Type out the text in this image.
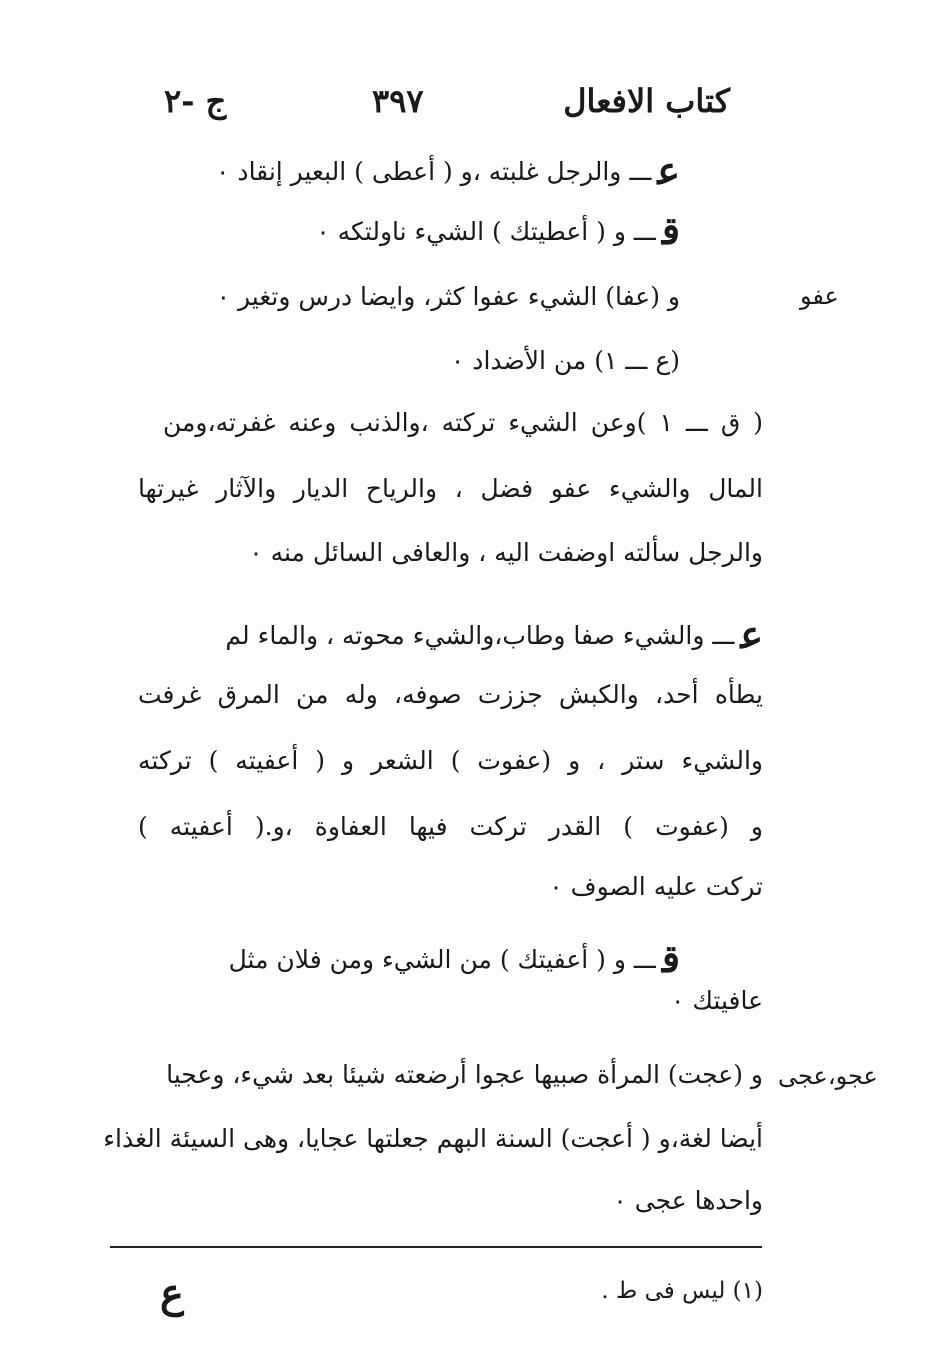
كتاب الافعال
٣٩٧
ج -٢
عـــ والرجل غلبته ،و ( أعطى ) البعير إنقاد ٠
قـــ و ( أعطيتك ) الشيء ناولتكه ٠
عفو
و (عفا) الشيء عفوا كثر، وايضا درس وتغير ٠
(ع ـــ ١) من الأضداد ٠
( ق ـــ ١ )وعن الشيء تركته ،والذنب وعنه غفرته،ومن
المال والشيء عفو فضل ، والرياح الديار والآثار غيرتها
والرجل سألته اوضفت اليه ، والعافى السائل منه ٠
عـــ والشيء صفا وطاب،والشيء محوته ، والماء لم
يطأه أحد، والكبش جززت صوفه، وله من المرق غرفت
والشيء ستر ، و (عفوت ) الشعر و ( أعفيته ) تركته
و (عفوت ) القدر تركت فيها العفاوة ،و.( أعفيته )
تركت عليه الصوف ٠
قـــ و ( أعفيتك ) من الشيء ومن فلان مثل
عافيتك ٠
عجو،عجى
و (عجت) المرأة صبيها عجوا أرضعته شيئا بعد شيء، وعجيا
أيضا لغة،و ( أعجت) السنة البهم جعلتها عجايا، وهى السيئة الغذاء
واحدها عجى ٠
(١) ليس فى ط .
ع
